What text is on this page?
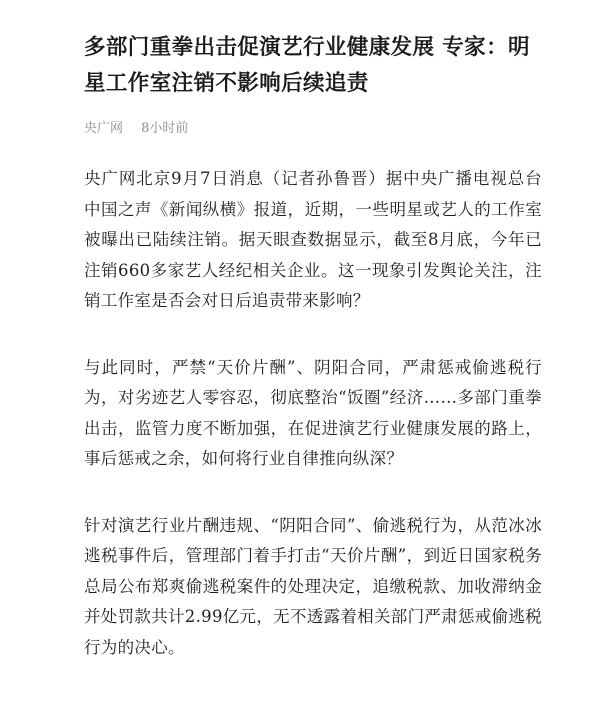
多部门重拳出击促演艺行业健康发展 专家：明星工作室注销不影响后续追责
央广网 8小时前

央广网北京9月7日消息（记者孙鲁晋）据中央广播电视总台中国之声《新闻纵横》报道，近期，一些明星或艺人的工作室被曝出已陆续注销。据天眼查数据显示，截至8月底，今年已注销660多家艺人经纪相关企业。这一现象引发舆论关注，注销工作室是否会对日后追责带来影响？

与此同时，严禁“天价片酬”、阴阳合同，严肃惩戒偷逃税行为，对劣迹艺人零容忍，彻底整治“饭圈”经济……多部门重拳出击，监管力度不断加强，在促进演艺行业健康发展的路上，事后惩戒之余，如何将行业自律推向纵深？

针对演艺行业片酬违规、“阴阳合同”、偷逃税行为，从范冰冰逃税事件后，管理部门着手打击“天价片酬”，到近日国家税务总局公布郑爽偷逃税案件的处理决定，追缴税款、加收滞纳金并处罚款共计2.99亿元，无不透露着相关部门严肃惩戒偷逃税行为的决心。
